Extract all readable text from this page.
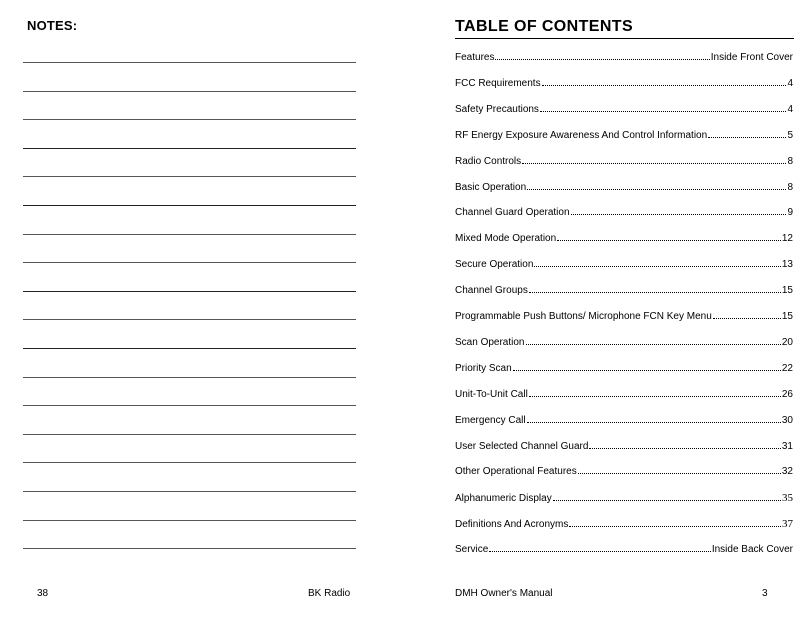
NOTES:
38	BK Radio
TABLE OF CONTENTS
Features	Inside Front Cover
FCC Requirements	4
Safety Precautions	4
RF Energy Exposure Awareness And Control Information	5
Radio Controls	8
Basic Operation	8
Channel Guard Operation	9
Mixed Mode Operation	12
Secure Operation	13
Channel Groups	15
Programmable Push Buttons/ Microphone FCN Key Menu	15
Scan Operation	20
Priority Scan	22
Unit-To-Unit Call	26
Emergency Call	30
User Selected Channel Guard	31
Other Operational Features	32
Alphanumeric Display	35
Definitions And Acronyms	37
Service	Inside Back Cover
DMH Owner's Manual	3
